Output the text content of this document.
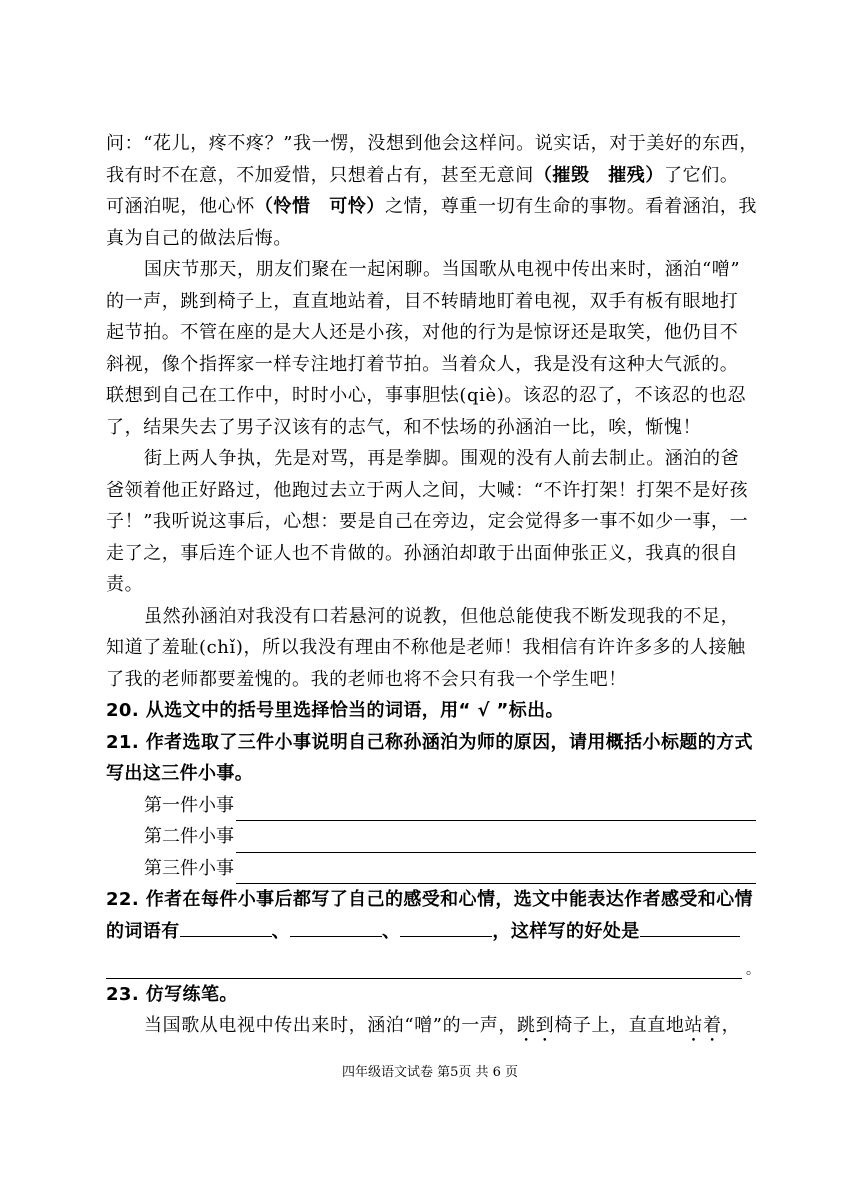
问：“花儿，疼不疼？”我一愣，没想到他会这样问。说实话，对于美好的东西，
我有时不在意，不加爱惜，只想着占有，甚至无意间（摧毁　摧残）了它们。
可涵泊呢，他心怀（怜惜　可怜）之情，尊重一切有生命的事物。看着涵泊，我
真为自己的做法后悔。
国庆节那天，朋友们聚在一起闲聊。当国歌从电视中传出来时，涵泊“噌”
的一声，跳到椅子上，直直地站着，目不转睛地盯着电视，双手有板有眼地打
起节拍。不管在座的是大人还是小孩，对他的行为是惊讶还是取笑，他仍目不
斜视，像个指挥家一样专注地打着节拍。当着众人，我是没有这种大气派的。
联想到自己在工作中，时时小心，事事胆怯(qiè)。该忍的忍了，不该忍的也忍
了，结果失去了男子汉该有的志气，和不怯场的孙涵泊一比，唉，惭愧！
街上两人争执，先是对骂，再是拳脚。围观的没有人前去制止。涵泊的爸
爸领着他正好路过，他跑过去立于两人之间，大喊：“不许打架！打架不是好孩
子！”我听说这事后，心想：要是自己在旁边，定会觉得多一事不如少一事，一
走了之，事后连个证人也不肯做的。孙涵泊却敢于出面伸张正义，我真的很自
责。
虽然孙涵泊对我没有口若悬河的说教，但他总能使我不断发现我的不足，
知道了羞耻(chǐ)，所以我没有理由不称他是老师！我相信有许许多多的人接触
了我的老师都要羞愧的。我的老师也将不会只有我一个学生吧！
20. 从选文中的括号里选择恰当的词语，用“ √ ”标出。
21. 作者选取了三件小事说明自己称孙涵泊为师的原因，请用概括小标题的方式
写出这三件小事。
第一件小事
第二件小事
第三件小事
22. 作者在每件小事后都写了自己的感受和心情，选文中能表达作者感受和心情
的词语有	、	、	，这样写的好处是
。
23. 仿写练笔。
当国歌从电视中传出来时，涵泊“噌”的一声，跳到椅子上，直直地站着，
四年级语文试卷 第5页 共 6 页
